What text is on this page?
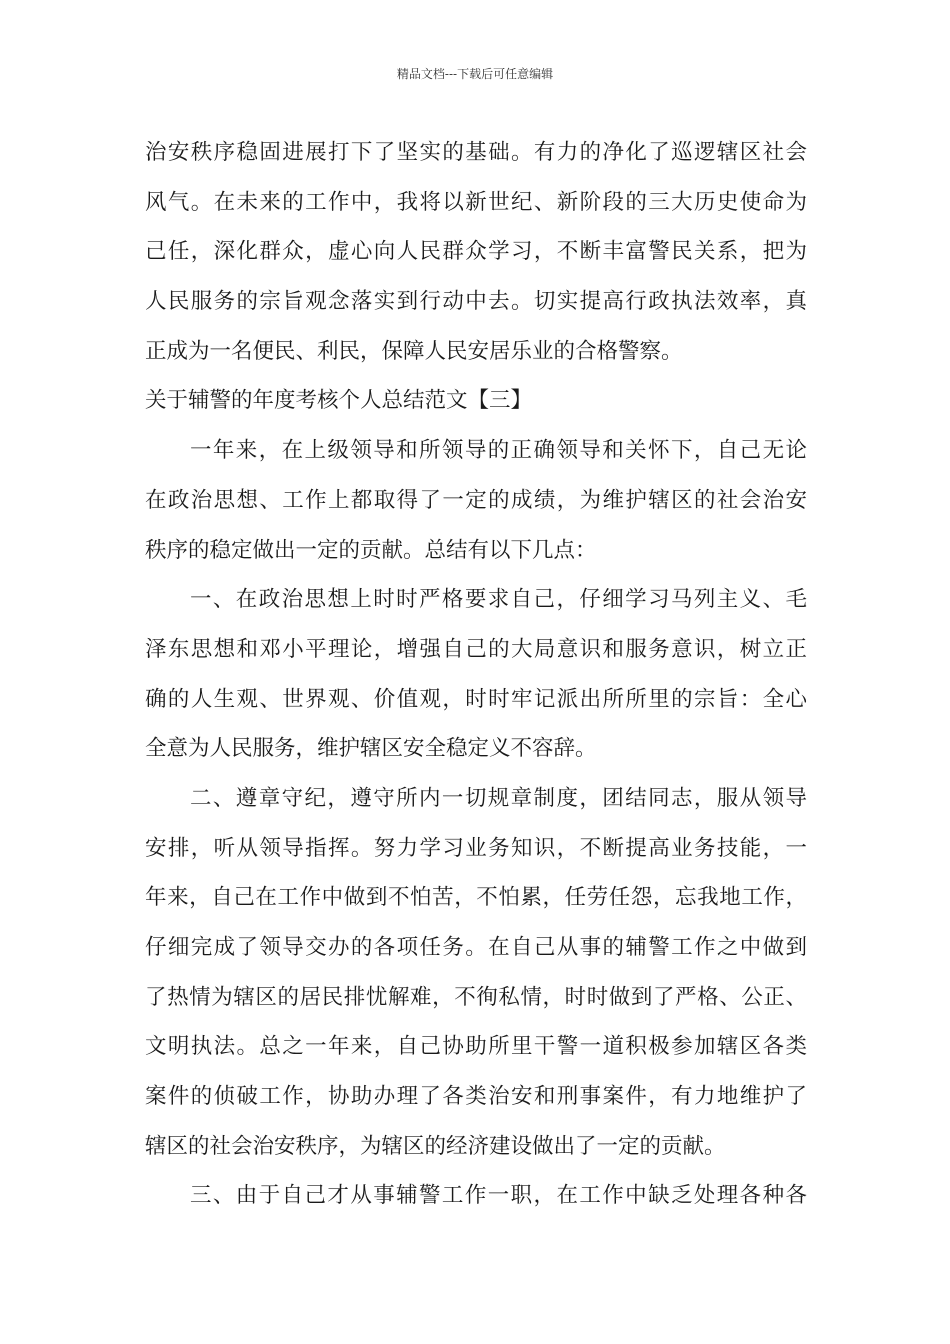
精品文档---下载后可任意编辑
治安秩序稳固进展打下了坚实的基础。有力的净化了巡逻辖区社会
风气。在未来的工作中，我将以新世纪、新阶段的三大历史使命为
己任，深化群众，虚心向人民群众学习，不断丰富警民关系，把为
人民服务的宗旨观念落实到行动中去。切实提高行政执法效率，真
正成为一名便民、利民，保障人民安居乐业的合格警察。
关于辅警的年度考核个人总结范文【三】
一年来，在上级领导和所领导的正确领导和关怀下，自己无论
在政治思想、工作上都取得了一定的成绩，为维护辖区的社会治安
秩序的稳定做出一定的贡献。总结有以下几点：
一、在政治思想上时时严格要求自己，仔细学习马列主义、毛
泽东思想和邓小平理论，增强自己的大局意识和服务意识，树立正
确的人生观、世界观、价值观，时时牢记派出所所里的宗旨：全心
全意为人民服务，维护辖区安全稳定义不容辞。
二、遵章守纪，遵守所内一切规章制度，团结同志，服从领导
安排，听从领导指挥。努力学习业务知识，不断提高业务技能，一
年来，自己在工作中做到不怕苦，不怕累，任劳任怨，忘我地工作，
仔细完成了领导交办的各项任务。在自己从事的辅警工作之中做到
了热情为辖区的居民排忧解难，不徇私情，时时做到了严格、公正、
文明执法。总之一年来，自己协助所里干警一道积极参加辖区各类
案件的侦破工作，协助办理了各类治安和刑事案件，有力地维护了
辖区的社会治安秩序，为辖区的经济建设做出了一定的贡献。
三、由于自己才从事辅警工作一职，在工作中缺乏处理各种各
